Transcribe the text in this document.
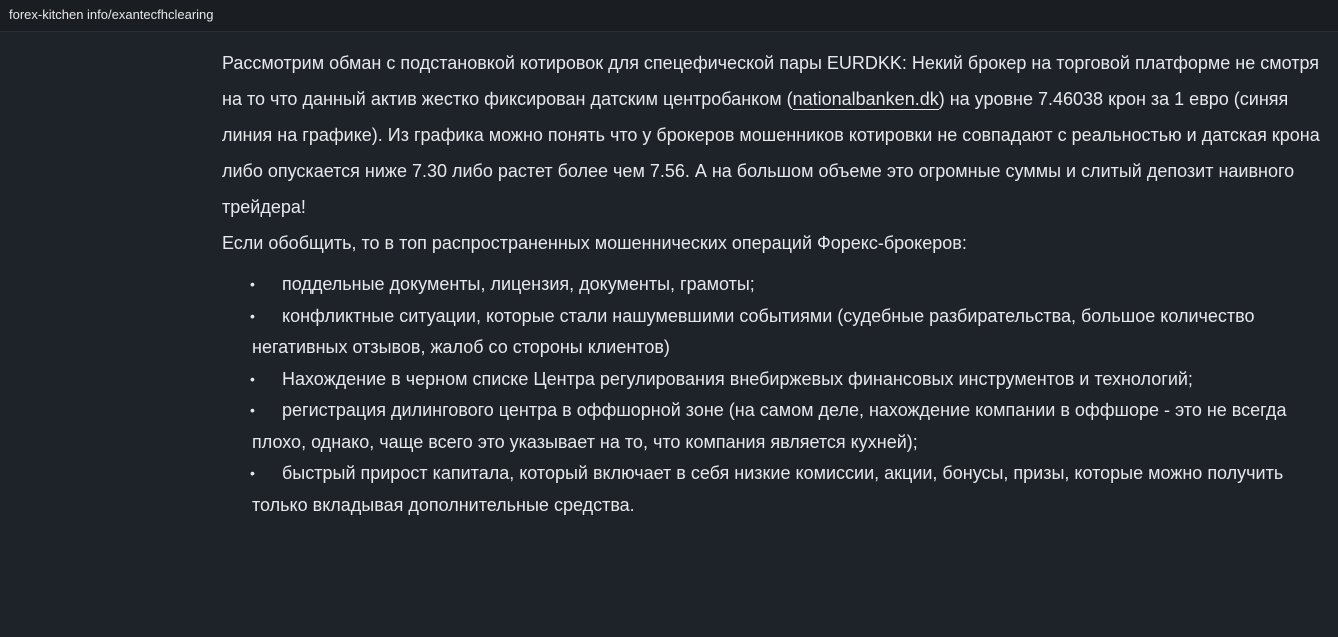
forex-kitchen info/exantecfhclearing

Рассмотрим обман с подстановкой котировок для спецефической пары EURDKK: Некий брокер на торговой платформе не смотря на то что данный актив жестко фиксирован датским центробанком (nationalbanken.dk) на уровне 7.46038 крон за 1 евро (синяя линия на графике). Из графика можно понять что у брокеров мошенников котировки не совпадают с реальностью и датская крона либо опускается ниже 7.30 либо растет более чем 7.56. А на большом объеме это огромные суммы и слитый депозит наивного трейдера!

Если обобщить, то в топ распространенных мошеннических операций Форекс-брокеров:

• поддельные документы, лицензия, документы, грамоты;
• конфликтные ситуации, которые стали нашумевшими событиями (судебные разбирательства, большое количество негативных отзывов, жалоб со стороны клиентов)
• Нахождение в черном списке Центра регулирования внебиржевых финансовых инструментов и технологий;
• регистрация дилингового центра в оффшорной зоне (на самом деле, нахождение компании в оффшоре - это не всегда плохо, однако, чаще всего это указывает на то, что компания является кухней);
• быстрый прирост капитала, который включает в себя низкие комиссии, акции, бонусы, призы, которые можно получить только вкладывая дополнительные средства.
